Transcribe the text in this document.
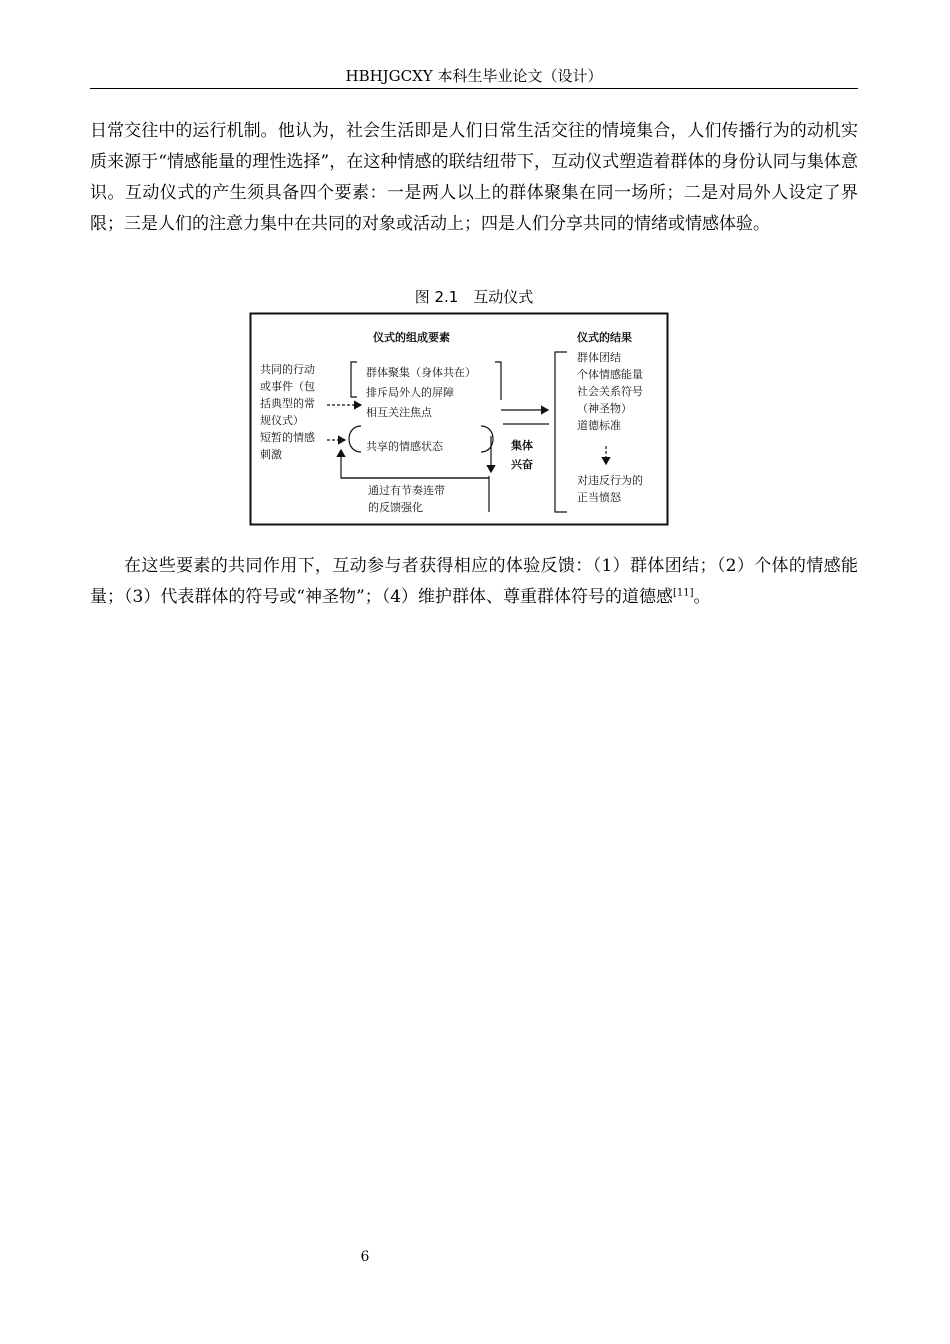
HBHJGCXY 本科生毕业论文（设计）

日常交往中的运行机制。他认为，社会生活即是人们日常生活交往的情境集合，人们传播行为的动机实质来源于“情感能量的理性选择”，在这种情感的联结纽带下，互动仪式塑造着群体的身份认同与集体意识。互动仪式的产生须具备四个要素：一是两人以上的群体聚集在同一场所；二是对局外人设定了界限；三是人们的注意力集中在共同的对象或活动上；四是人们分享共同的情绪或情感体验。

图 2.1　互动仪式
仪式的组成要素	仪式的结果
共同的行动
或事件（包
括典型的常
规仪式）
短暂的情感
刺激
群体聚集（身体共在）
排斥局外人的屏障
相互关注焦点
共享的情感状态
通过有节奏连带
的反馈强化
集体
兴奋
群体团结
个体情感能量
社会关系符号
（神圣物）
道德标准
对违反行为的
正当愤怒

在这些要素的共同作用下，互动参与者获得相应的体验反馈：（1）群体团结；（2）个体的情感能量；（3）代表群体的符号或“神圣物”；（4）维护群体、尊重群体符号的道德感[11]。

6
